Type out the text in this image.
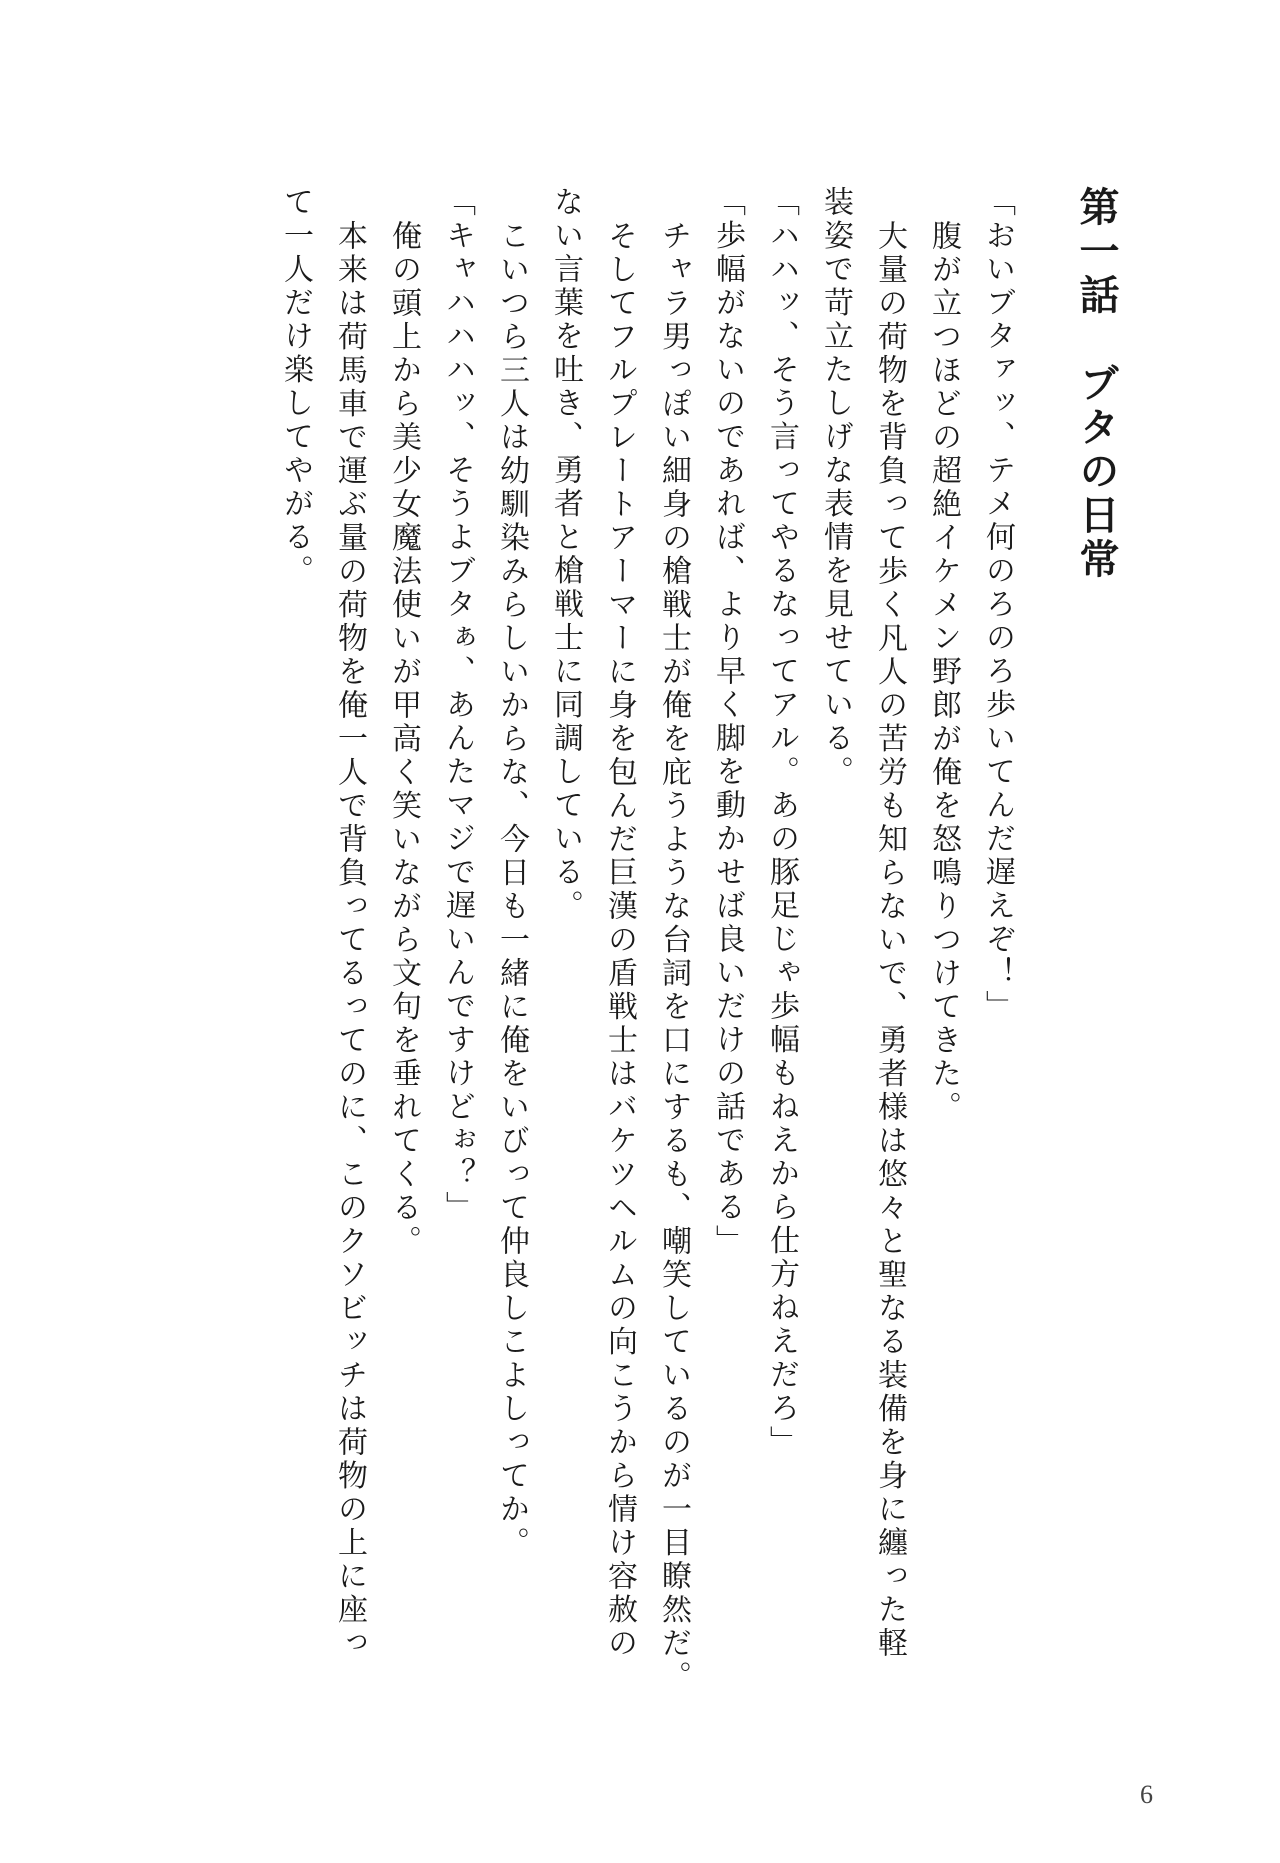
第一話　ブタの日常
「おいブタァッ、テメ何のろのろ歩いてんだ遅えぞ！」
腹が立つほどの超絶イケメン野郎が俺を怒鳴りつけてきた。
大量の荷物を背負って歩く凡人の苦労も知らないで、勇者様は悠々と聖なる装備を身に纏った軽
装姿で苛立たしげな表情を見せている。
「ハハッ、そう言ってやるなってアル。あの豚足じゃ歩幅もねえから仕方ねえだろ」
「歩幅がないのであれば、より早く脚を動かせば良いだけの話である」
チャラ男っぽい細身の槍戦士が俺を庇うような台詞を口にするも、嘲笑しているのが一目瞭然だ。
そしてフルプレートアーマーに身を包んだ巨漢の盾戦士はバケツヘルムの向こうから情け容赦の
ない言葉を吐き、勇者と槍戦士に同調している。
こいつら三人は幼馴染みらしいからな、今日も一緒に俺をいびって仲良しこよしってか。
「キャハハハッ、そうよブタぁ、あんたマジで遅いんですけどぉ？」
俺の頭上から美少女魔法使いが甲高く笑いながら文句を垂れてくる。
本来は荷馬車で運ぶ量の荷物を俺一人で背負ってるってのに、このクソビッチは荷物の上に座っ
て一人だけ楽してやがる。
6
